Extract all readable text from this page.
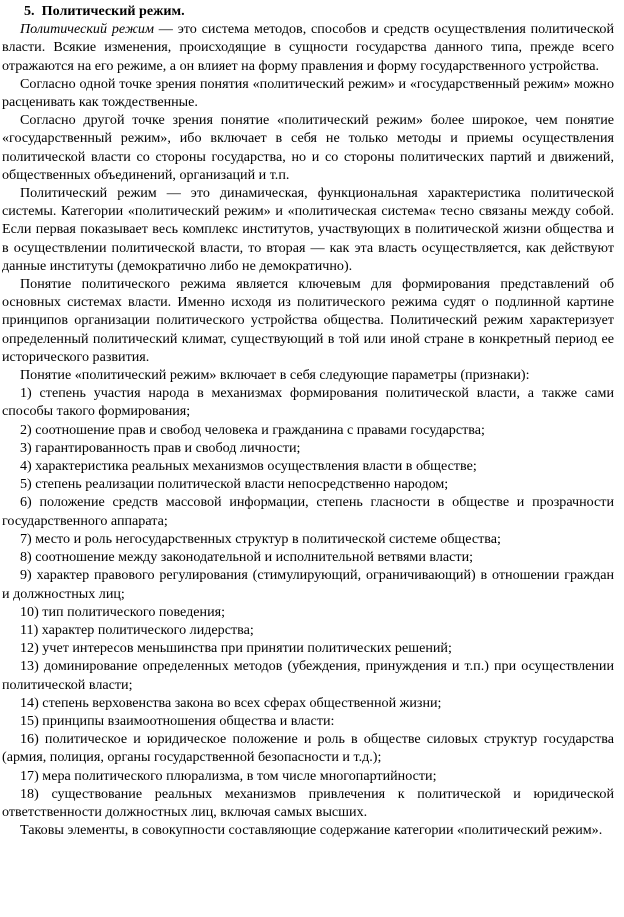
5. Политический режим.

Политический режим — это система методов, способов и средств осуществления политической власти. Всякие изменения, происходящие в сущности государства данного типа, прежде всего отражаются на его режиме, а он влияет на форму правления и форму государственного устройства.

Согласно одной точке зрения понятия «политический режим» и «государственный режим» можно расценивать как тождественные.

Согласно другой точке зрения понятие «политический режим» более широкое, чем понятие «государственный режим», ибо включает в себя не только методы и приемы осуществления политической власти со стороны государства, но и со стороны политических партий и движений, общественных объединений, организаций и т.п.

Политический режим — это динамическая, функциональная характеристика политической системы. Категории «политический режим» и «политическая система« тесно связаны между собой. Если первая показывает весь комплекс институтов, участвующих в политической жизни общества и в осуществлении политической власти, то вторая — как эта власть осуществляется, как действуют данные институты (демократично либо не демократично).

Понятие политического режима является ключевым для формирования представлений об основных системах власти. Именно исходя из политического режима судят о подлинной картине принципов организации политического устройства общества. Политический режим характеризует определенный политический климат, существующий в той или иной стране в конкретный период ее исторического развития.

Понятие «политический режим» включает в себя следующие параметры (признаки):

1) степень участия народа в механизмах формирования политической власти, а также сами способы такого формирования;

2) соотношение прав и свобод человека и гражданина с правами государства;

3) гарантированность прав и свобод личности;

4) характеристика реальных механизмов осуществления власти в обществе;

5) степень реализации политической власти непосредственно народом;

6) положение средств массовой информации, степень гласности в обществе и прозрачности государственного аппарата;

7) место и роль негосударственных структур в политической системе общества;

8) соотношение между законодательной и исполнительной ветвями власти;

9) характер правового регулирования (стимулирующий, ограничивающий) в отношении граждан и должностных лиц;

10) тип политического поведения;

11) характер политического лидерства;

12) учет интересов меньшинства при принятии политических решений;

13) доминирование определенных методов (убеждения, принуждения и т.п.) при осуществлении политической власти;

14) степень верховенства закона во всех сферах общественной жизни;

15) принципы взаимоотношения общества и власти:

16) политическое и юридическое положение и роль в обществе силовых структур государства (армия, полиция, органы государственной безопасности и т.д.);

17) мера политического плюрализма, в том числе многопартийности;

18) существование реальных механизмов привлечения к политической и юридической ответственности должностных лиц, включая самых высших.

Таковы элементы, в совокупности составляющие содержание категории «политический режим».
